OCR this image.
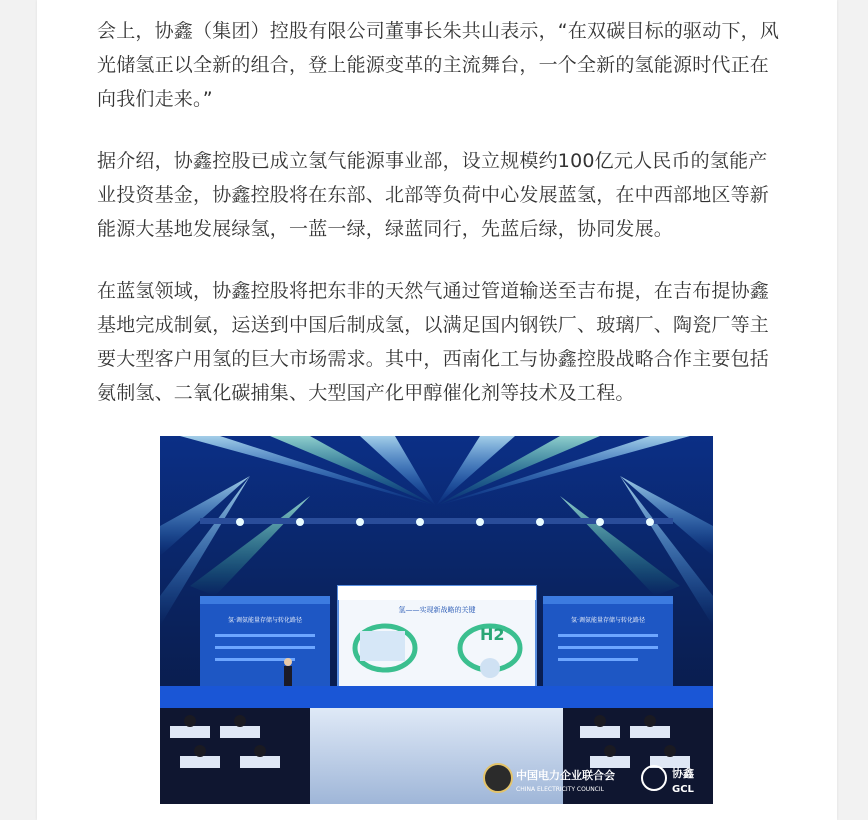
会上，协鑫（集团）控股有限公司董事长朱共山表示，“在双碳目标的驱动下，风光储氢正以全新的组合，登上能源变革的主流舞台，一个全新的氢能源时代正在向我们走来。”

据介绍，协鑫控股已成立氢气能源事业部，设立规模约100亿元人民币的氢能产业投资基金，协鑫控股将在东部、北部等负荷中心发展蓝氢，在中西部地区等新能源大基地发展绿氢，一蓝一绿，绿蓝同行，先蓝后绿，协同发展。

在蓝氢领域，协鑫控股将把东非的天然气通过管道输送至吉布提，在吉布提协鑫基地完成制氨，运送到中国后制成氢，以满足国内钢铁厂、玻璃厂、陶瓷厂等主要大型客户用氢的巨大市场需求。其中，西南化工与协鑫控股战略合作主要包括氨制氢、二氧化碳捕集、大型国产化甲醇催化剂等技术及工程。

氢·调氨能量存储与转化路径	氢·调氨能量存储与转化路径
氢——实现新战略的关键
H2
中国电力企业联合会
CHINA ELECTRICITY COUNCIL
协鑫
GCL
